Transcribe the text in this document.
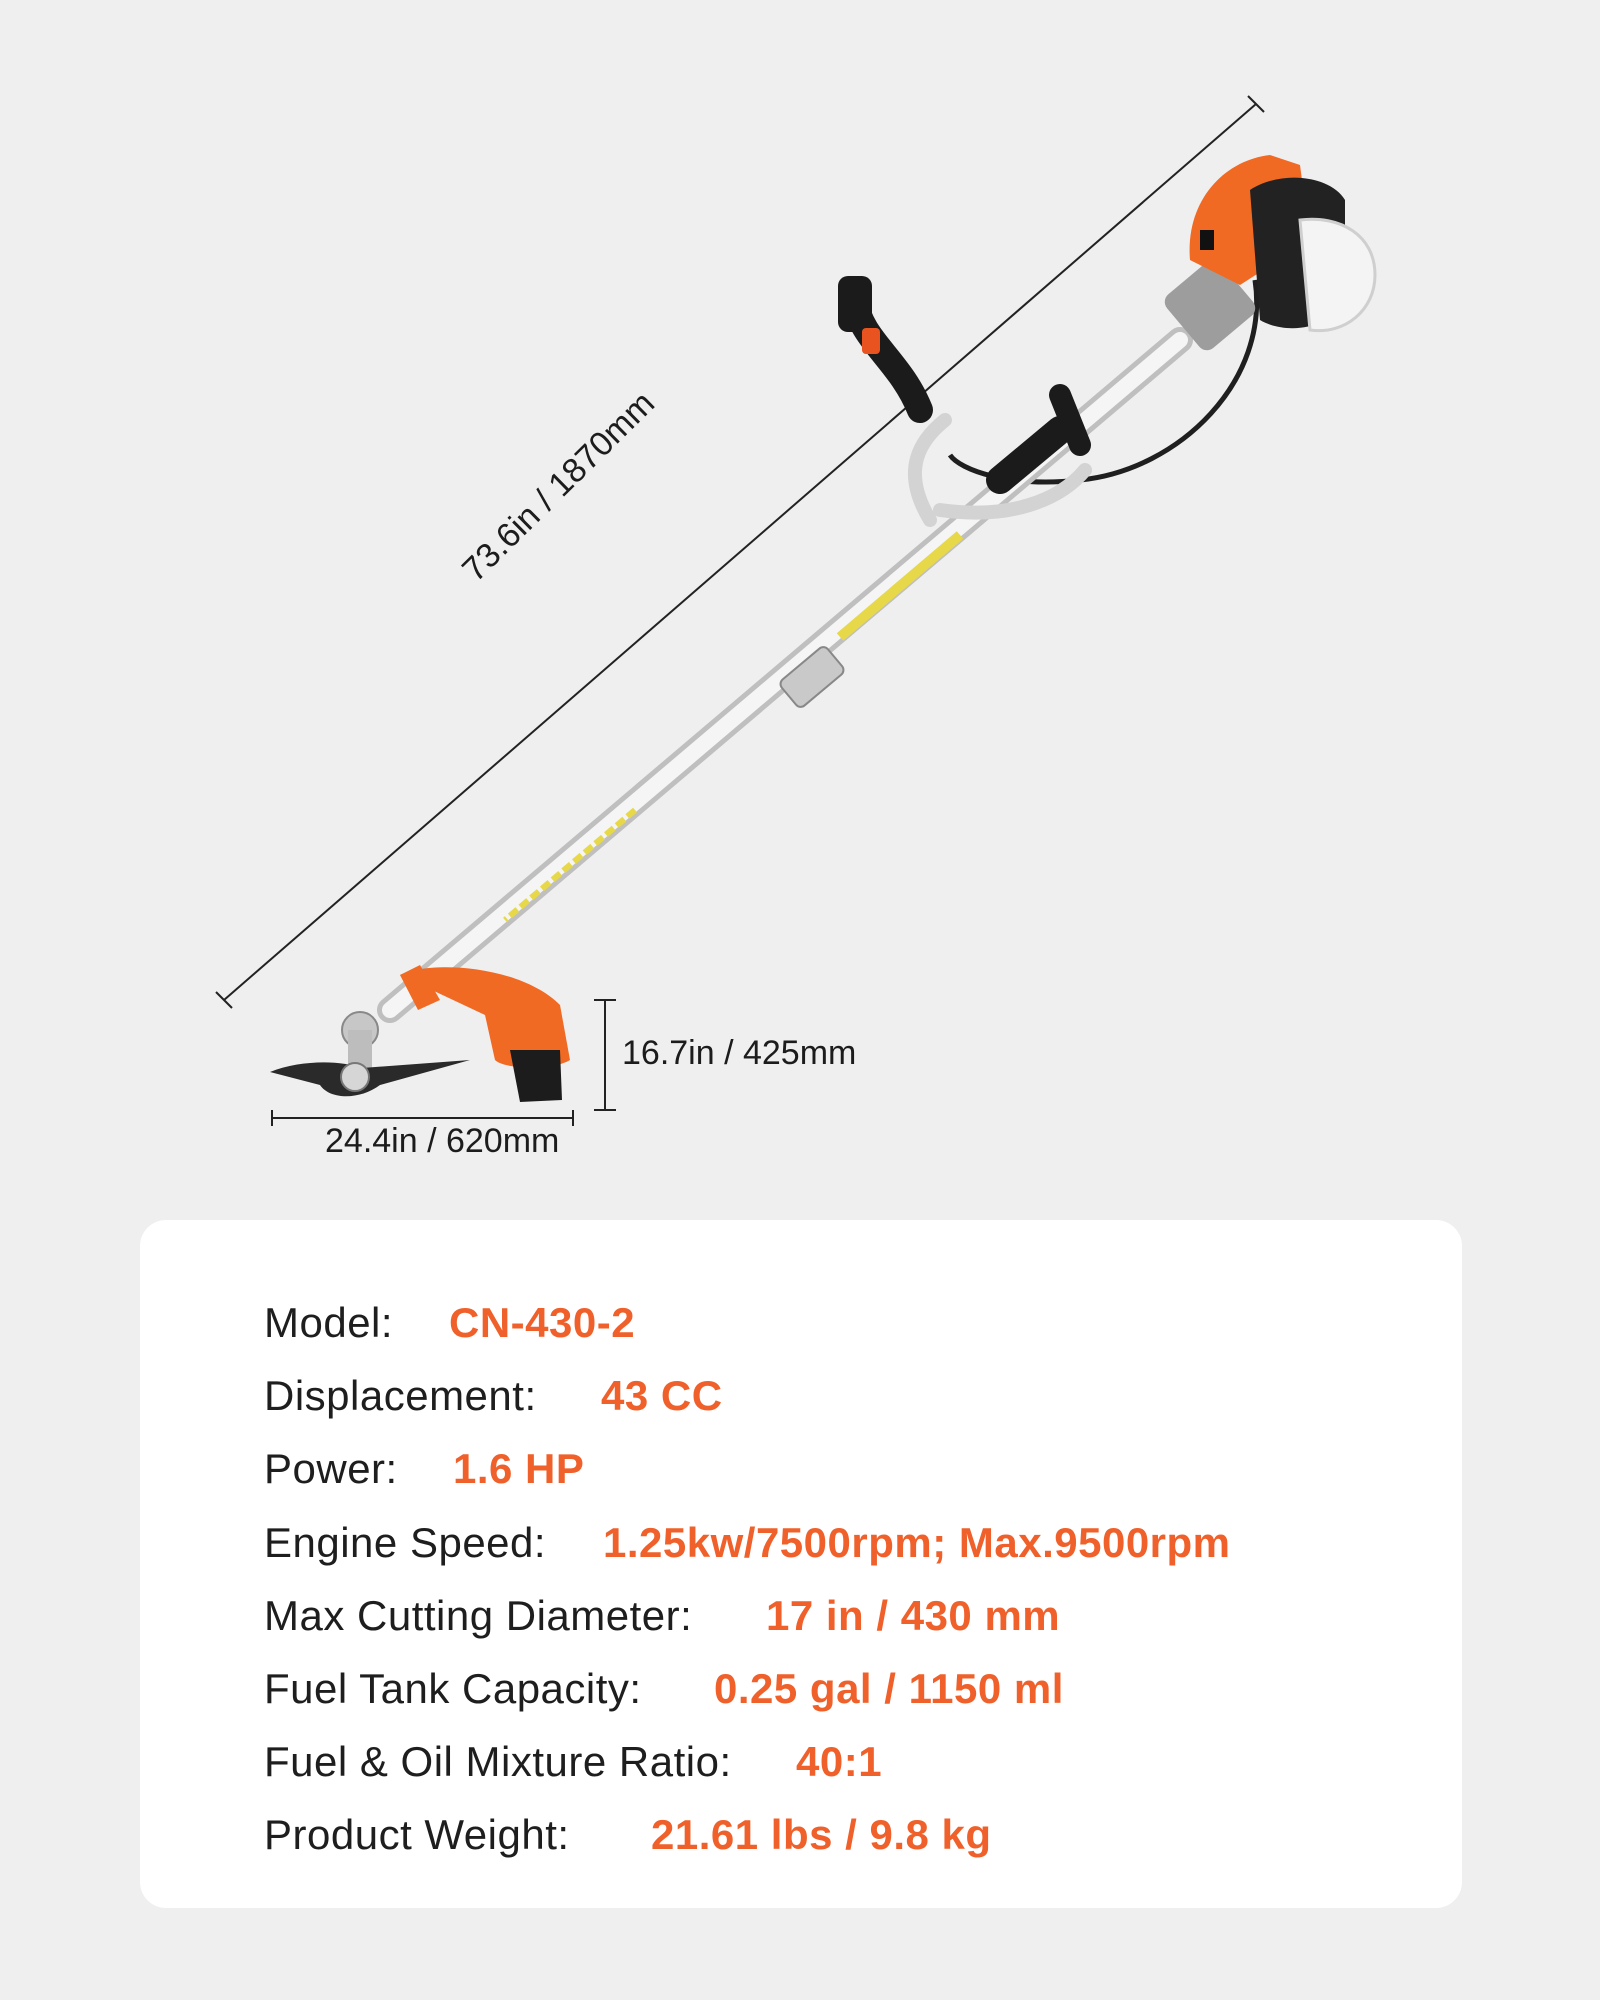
73.6in / 1870mm
16.7in / 425mm
24.4in / 620mm
Model:	CN-430-2
Displacement:	43 CC
Power:	1.6 HP
Engine Speed:	1.25kw/7500rpm; Max.9500rpm
Max Cutting Diameter:	17 in / 430 mm
Fuel Tank Capacity:	0.25 gal / 1150 ml
Fuel & Oil Mixture Ratio:	40:1
Product Weight:	21.61 lbs / 9.8 kg
